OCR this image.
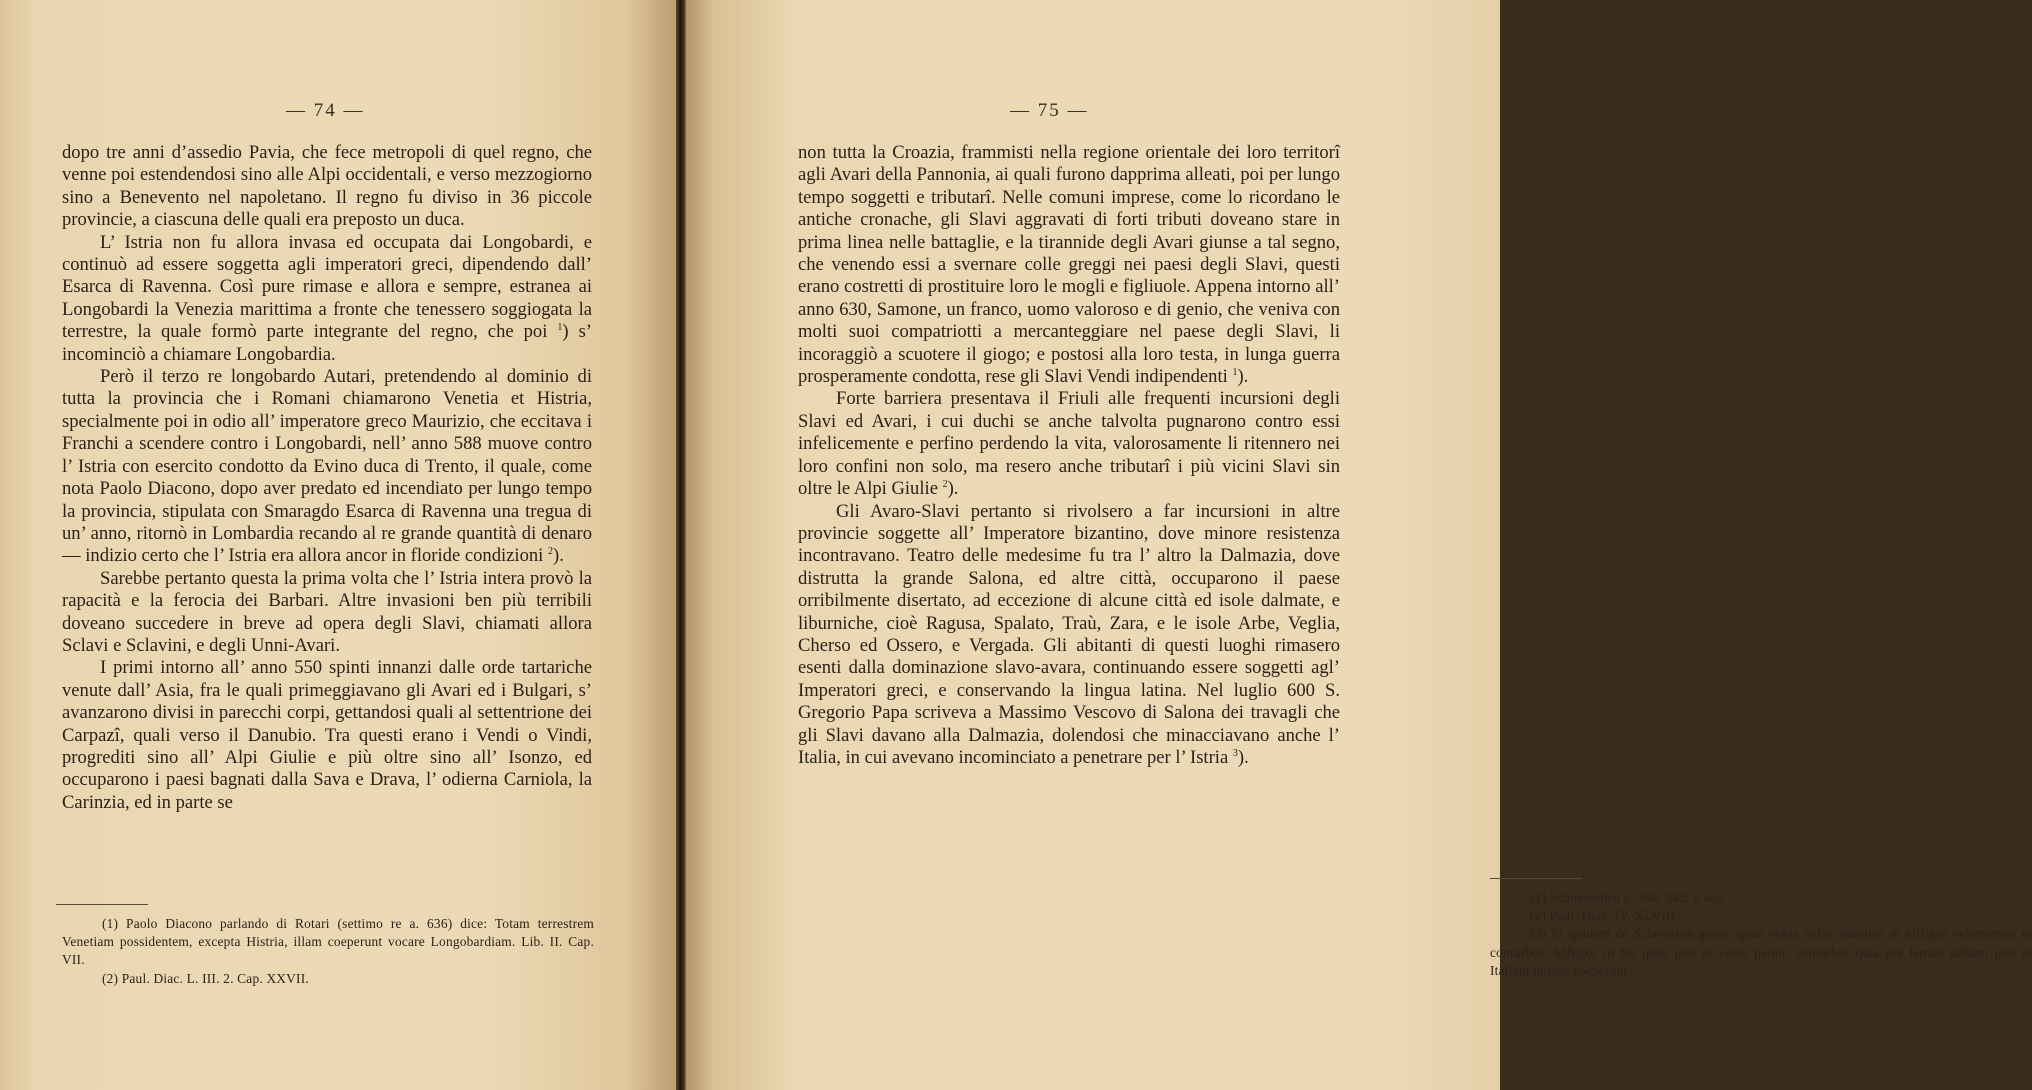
— 74 —

dopo tre anni d’assedio Pavia, che fece metropoli di quel regno, che venne poi estendendosi sino alle Alpi occidentali, e verso mezzogiorno sino a Benevento nel napoletano. Il regno fu diviso in 36 piccole provincie, a ciascuna delle quali era preposto un duca.

L’ Istria non fu allora invasa ed occupata dai Longobardi, e continuò ad essere soggetta agli imperatori greci, dipendendo dall’ Esarca di Ravenna. Così pure rimase e allora e sempre, estranea ai Longobardi la Venezia marittima a fronte che tenessero soggiogata la terrestre, la quale formò parte integrante del regno, che poi $^1$) s’ incominciò a chiamare Longobardia.

Però il terzo re longobardo Autari, pretendendo al dominio di tutta la provincia che i Romani chiamarono Venetia et Histria, specialmente poi in odio all’ imperatore greco Maurizio, che eccitava i Franchi a scendere contro i Longobardi, nell’ anno 588 muove contro l’ Istria con esercito condotto da Evino duca di Trento, il quale, come nota Paolo Diacono, dopo aver predato ed incendiato per lungo tempo la provincia, stipulata con Smaragdo Esarca di Ravenna una tregua di un’ anno, ritornò in Lombardia recando al re grande quantità di denaro — indizio certo che l’ Istria era allora ancor in floride condizioni $^2$).

Sarebbe pertanto questa la prima volta che l’ Istria intera provò la rapacità e la ferocia dei Barbari. Altre invasioni ben più terribili doveano succedere in breve ad opera degli Slavi, chiamati allora Sclavi e Sclavini, e degli Unni-Avari.

I primi intorno all’ anno 550 spinti innanzi dalle orde tartariche venute dall’ Asia, fra le quali primeggiavano gli Avari ed i Bulgari, s’ avanzarono divisi in parecchi corpi, gettandosi quali al settentrione dei Carpazî, quali verso il Danubio. Tra questi erano i Vendi o Vindi, progrediti sino all’ Alpi Giulie e più oltre sino all’ Isonzo, ed occuparono i paesi bagnati dalla Sava e Drava, l’ odierna Carniola, la Carinzia, ed in parte se

(1) Paolo Diacono parlando di Rotari (settimo re a. 636) dice: Totam terrestrem Venetiam possidentem, excepta Histria, illam coeperunt vocare Longobardiam. Lib. II. Cap. VII.

(2) Paul. Diac. L. III. 2. Cap. XXVII.

— 75 —

non tutta la Croazia, frammisti nella regione orientale dei loro territorî agli Avari della Pannonia, ai quali furono dapprima alleati, poi per lungo tempo soggetti e tributarî. Nelle comuni imprese, come lo ricordano le antiche cronache, gli Slavi aggravati di forti tributi doveano stare in prima linea nelle battaglie, e la tirannide degli Avari giunse a tal segno, che venendo essi a svernare colle greggi nei paesi degli Slavi, questi erano costretti di prostituire loro le mogli e figliuole. Appena intorno all’ anno 630, Samone, un franco, uomo valoroso e di genio, che veniva con molti suoi compatriotti a mercanteggiare nel paese degli Slavi, li incoraggiò a scuotere il giogo; e postosi alla loro testa, in lunga guerra prosperamente condotta, rese gli Slavi Vendi indipendenti $^1$).

Forte barriera presentava il Friuli alle frequenti incursioni degli Slavi ed Avari, i cui duchi se anche talvolta pugnarono contro essi infelicemente e perfino perdendo la vita, valorosamente li ritennero nei loro confini non solo, ma resero anche tributarî i più vicini Slavi sin oltre le Alpi Giulie $^2$).

Gli Avaro-Slavi pertanto si rivolsero a far incursioni in altre provincie soggette all’ Imperatore bizantino, dove minore resistenza incontravano. Teatro delle medesime fu tra l’ altro la Dalmazia, dove distrutta la grande Salona, ed altre città, occuparono il paese orribilmente disertato, ad eccezione di alcune città ed isole dalmate, e liburniche, cioè Ragusa, Spalato, Traù, Zara, e le isole Arbe, Veglia, Cherso ed Ossero, e Vergada. Gli abitanti di questi luoghi rimasero esenti dalla dominazione slavo-avara, continuando essere soggetti agl’ Imperatori greci, e conservando la lingua latina. Nel luglio 600 S. Gregorio Papa scriveva a Massimo Vescovo di Salona dei travagli che gli Slavi davano alla Dalmazia, dolendosi che minacciavano anche l’ Italia, in cui avevano incominciato a penetrare per l’ Istria $^3$).

(1) Schoenleben p. 340. 342. e seg.

(2) Paul. Diac. IV. XLVIII.

(3) Et quidem de Sclavorum gente, quae vobis valde imminet et affligor vehementer et conturbor. Affligor in his quae jam in vobis patior, conturbor quia per Istriae aditum jam in Italiam intrare coeperunt.
